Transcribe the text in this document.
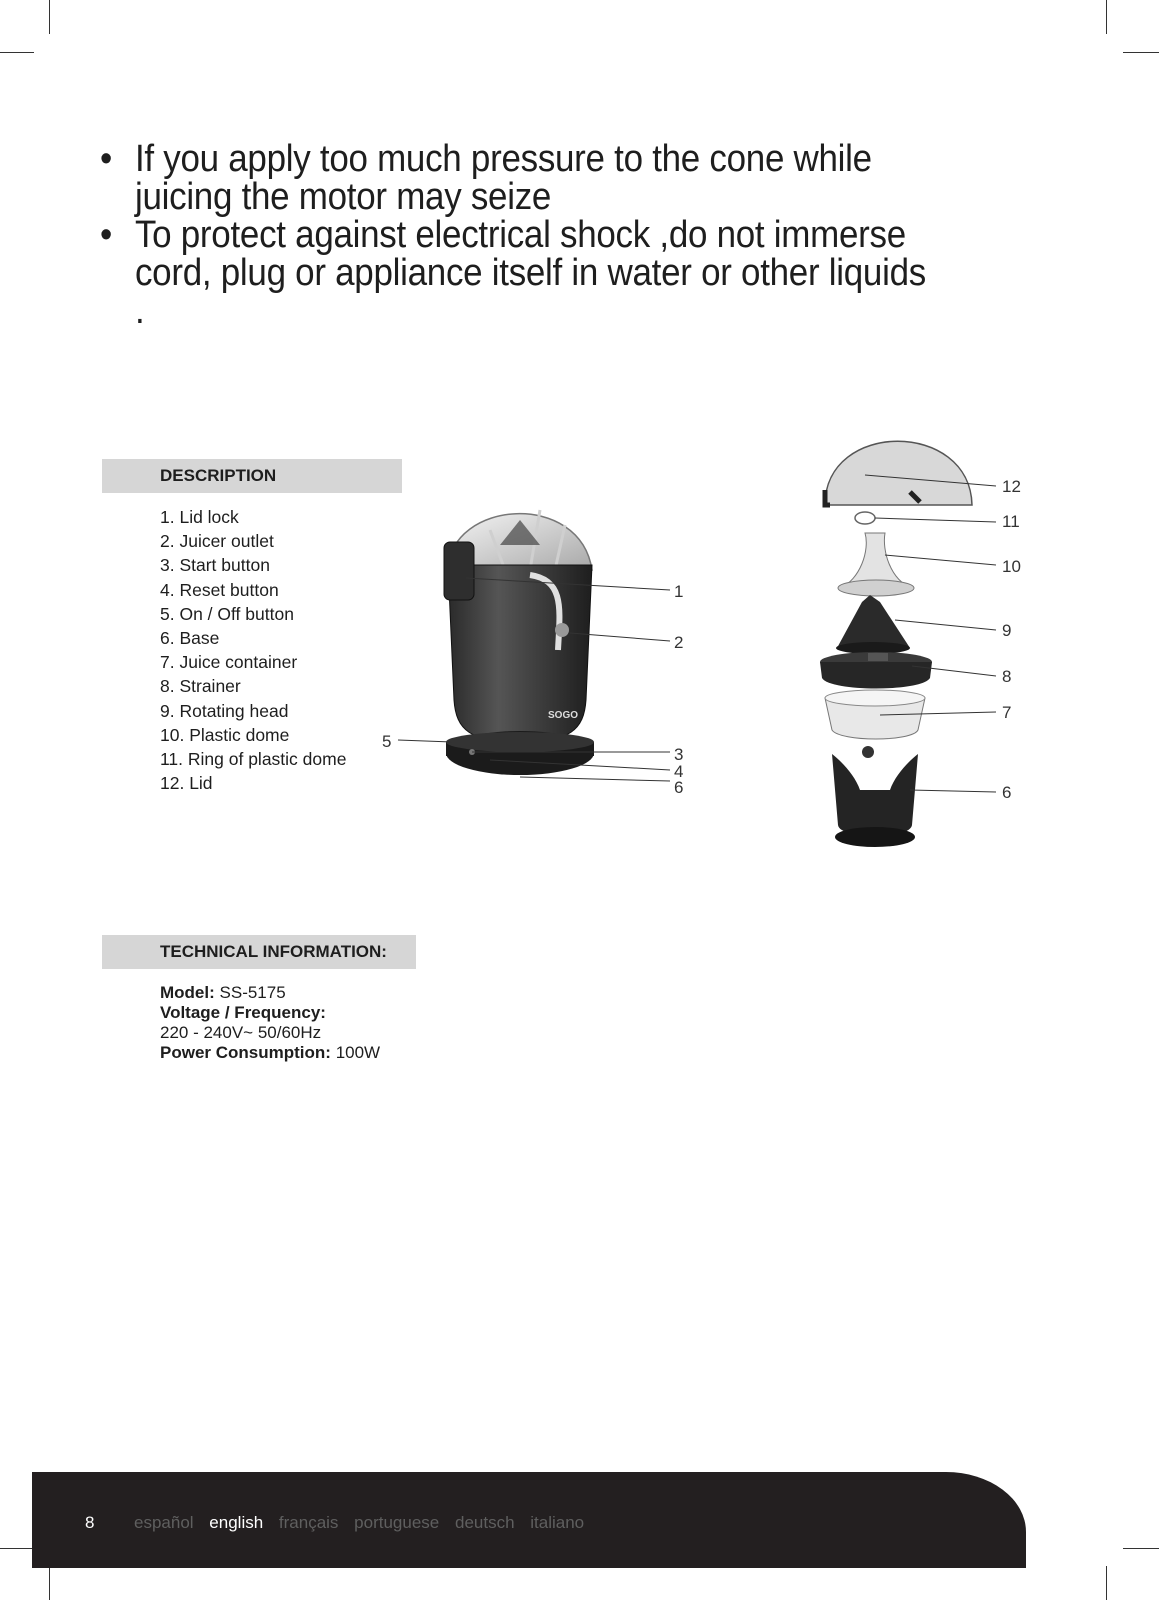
• If you apply too much pressure to the cone while juicing the motor may seize
• To protect against electrical shock ,do not immerse cord, plug or appliance itself in water or other liquids .
DESCRIPTION
1. Lid lock
2. Juicer outlet
3. Start button
4. Reset button
5. On / Off button
6. Base
7. Juice container
8. Strainer
9. Rotating head
10. Plastic dome
11. Ring of plastic dome
12. Lid
SOGO
1
2
3
4
5
6
12
11
10
9
8
7
6
TECHNICAL INFORMATION:
Model: SS-5175
Voltage / Frequency:
220 - 240V~ 50/60Hz
Power Consumption: 100W
8 español english français portuguese deutsch italiano
